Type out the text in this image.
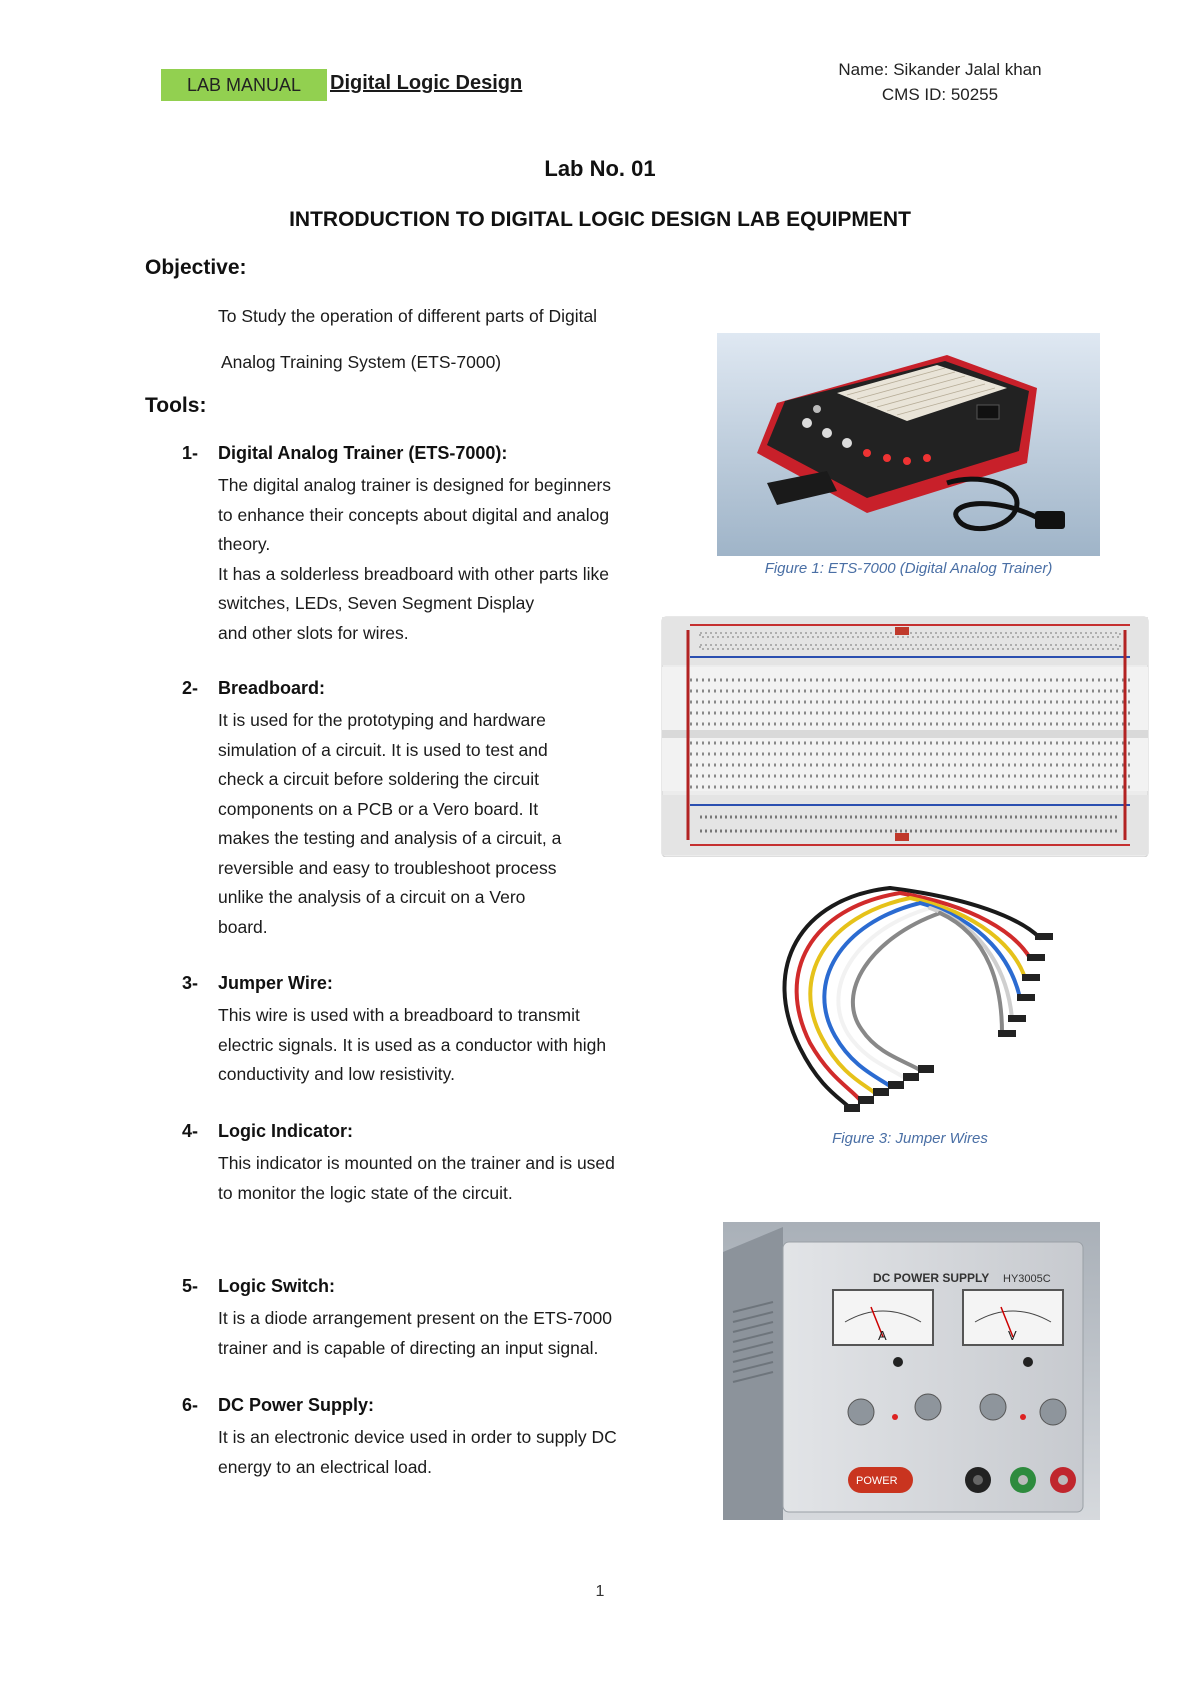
LAB MANUAL	Digital Logic Design
Name: Sikander Jalal khan
CMS ID: 50255
Lab No. 01
INTRODUCTION TO DIGITAL LOGIC DESIGN LAB EQUIPMENT
Objective:
To Study the operation of different parts of Digital
Analog Training System (ETS-7000)
Tools:
1- Digital Analog Trainer (ETS-7000):
The digital analog trainer is designed for beginners
to enhance their concepts about digital and analog
theory.
It has a solderless breadboard with other parts like
switches, LEDs, Seven Segment Display
and other slots for wires.
2- Breadboard:
It is used for the prototyping and hardware
simulation of a circuit. It is used to test and
check a circuit before soldering the circuit
components on a PCB or a Vero board. It
makes the testing and analysis of a circuit, a
reversible and easy to troubleshoot process
unlike the analysis of a circuit on a Vero
board.
3- Jumper Wire:
This wire is used with a breadboard to transmit
electric signals. It is used as a conductor with high
conductivity and low resistivity.
4- Logic Indicator:
This indicator is mounted on the trainer and is used
to monitor the logic state of the circuit.
5- Logic Switch:
It is a diode arrangement present on the ETS-7000
trainer and is capable of directing an input signal.
6- DC Power Supply:
It is an electronic device used in order to supply DC
energy to an electrical load.
Figure 1: ETS-7000 (Digital Analog Trainer)
Figure 3: Jumper Wires
DC POWER SUPPLY HY3005C
A	V
POWER
1
